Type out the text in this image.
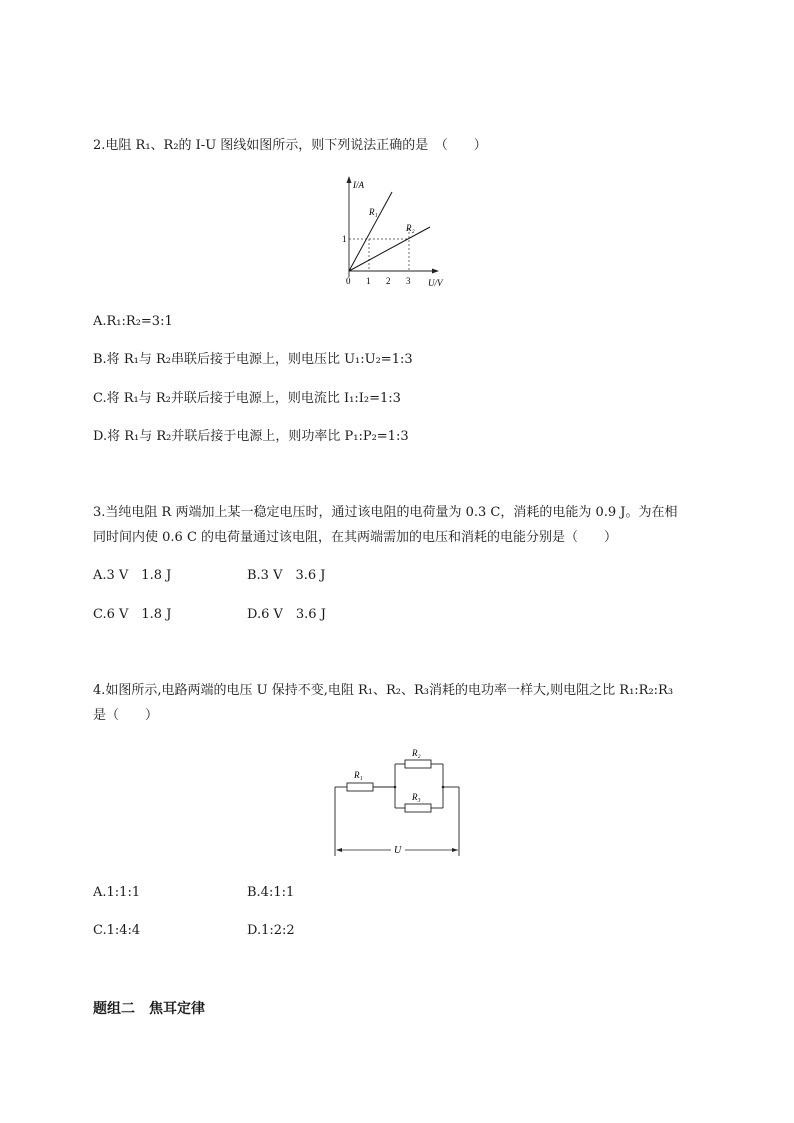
2.电阻 R₁、R₂的 I-U 图线如图所示，则下列说法正确的是　（　　）
I/A
U/V
0 1 2 3
1
R₁
R₂
A.R₁:R₂=3:1
B.将 R₁与 R₂串联后接于电源上，则电压比 U₁:U₂=1:3
C.将 R₁与 R₂并联后接于电源上，则电流比 I₁:I₂=1:3
D.将 R₁与 R₂并联后接于电源上，则功率比 P₁:P₂=1:3
3.当纯电阻 R 两端加上某一稳定电压时，通过该电阻的电荷量为 0.3 C，消耗的电能为 0.9 J。为在相
同时间内使 0.6 C 的电荷量通过该电阻，在其两端需加的电压和消耗的电能分别是（　　）
A.3 V　1.8 J	B.3 V　3.6 J
C.6 V　1.8 J	D.6 V　3.6 J
4.如图所示,电路两端的电压 U 保持不变,电阻 R₁、R₂、R₃消耗的电功率一样大,则电阻之比 R₁:R₂:R₃
是（　　）
R₁
R₂
R₃
U
A.1:1:1	B.4:1:1
C.1:4:4	D.1:2:2
题组二　焦耳定律
